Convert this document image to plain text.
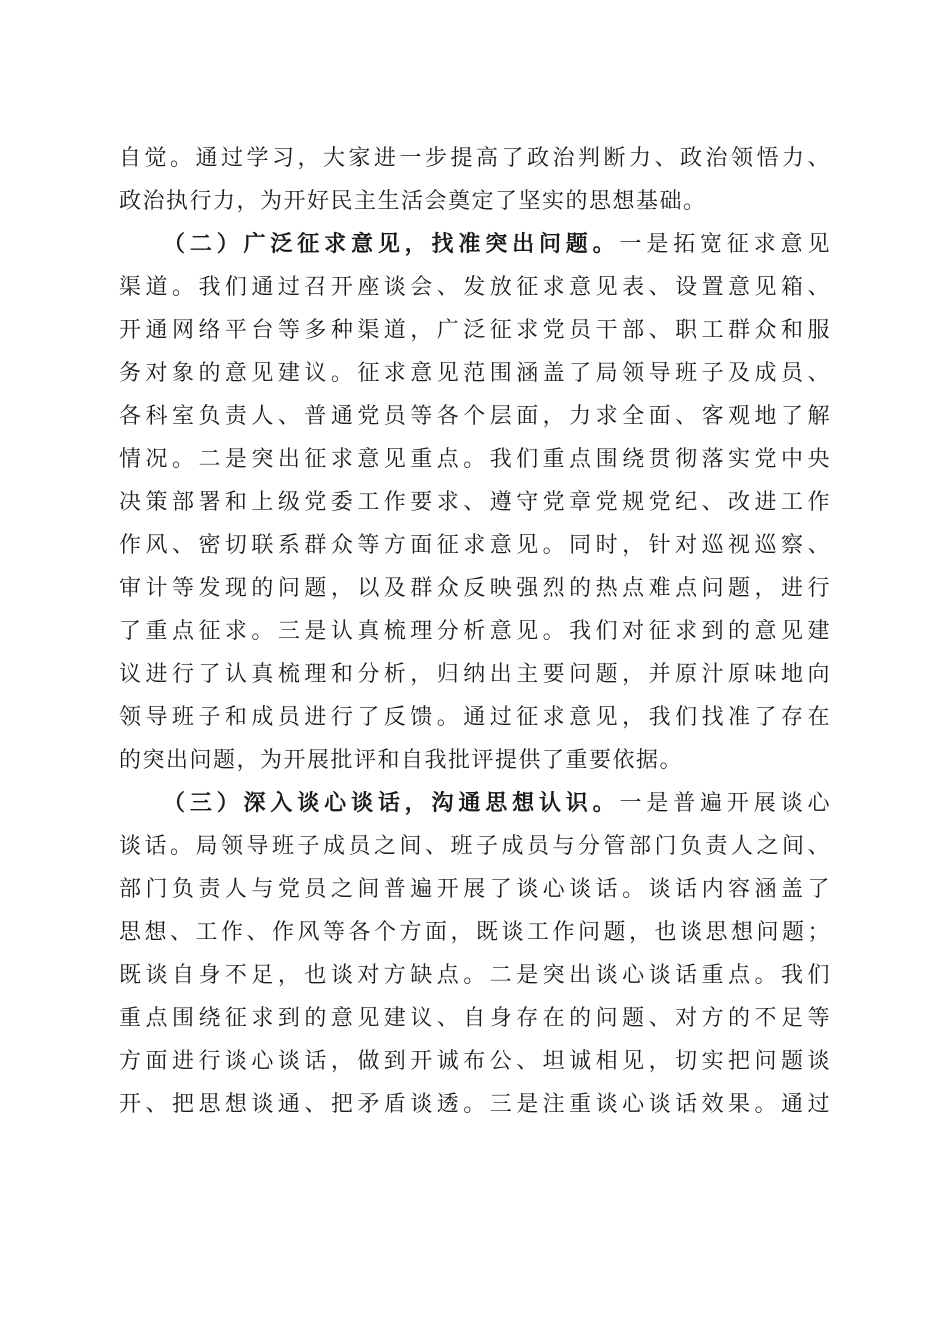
自觉。通过学习，大家进一步提高了政治判断力、政治领悟力、
政治执行力，为开好民主生活会奠定了坚实的思想基础。
（二）广泛征求意见，找准突出问题。一是拓宽征求意见
渠道。我们通过召开座谈会、发放征求意见表、设置意见箱、
开通网络平台等多种渠道，广泛征求党员干部、职工群众和服
务对象的意见建议。征求意见范围涵盖了局领导班子及成员、
各科室负责人、普通党员等各个层面，力求全面、客观地了解
情况。二是突出征求意见重点。我们重点围绕贯彻落实党中央
决策部署和上级党委工作要求、遵守党章党规党纪、改进工作
作风、密切联系群众等方面征求意见。同时，针对巡视巡察、
审计等发现的问题，以及群众反映强烈的热点难点问题，进行
了重点征求。三是认真梳理分析意见。我们对征求到的意见建
议进行了认真梳理和分析，归纳出主要问题，并原汁原味地向
领导班子和成员进行了反馈。通过征求意见，我们找准了存在
的突出问题，为开展批评和自我批评提供了重要依据。
（三）深入谈心谈话，沟通思想认识。一是普遍开展谈心
谈话。局领导班子成员之间、班子成员与分管部门负责人之间、
部门负责人与党员之间普遍开展了谈心谈话。谈话内容涵盖了
思想、工作、作风等各个方面，既谈工作问题，也谈思想问题；
既谈自身不足，也谈对方缺点。二是突出谈心谈话重点。我们
重点围绕征求到的意见建议、自身存在的问题、对方的不足等
方面进行谈心谈话，做到开诚布公、坦诚相见，切实把问题谈
开、把思想谈通、把矛盾谈透。三是注重谈心谈话效果。通过
